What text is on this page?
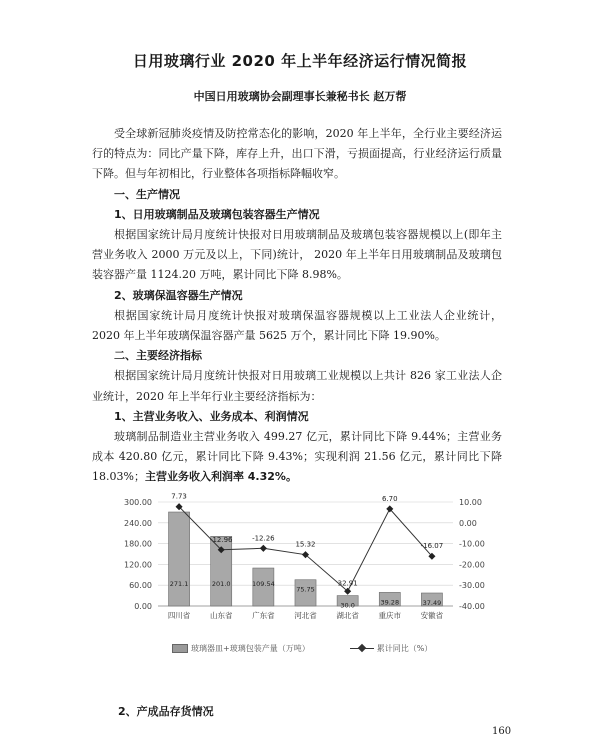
日用玻璃行业 2020 年上半年经济运行情况简报
中国日用玻璃协会副理事长兼秘书长 赵万帮

受全球新冠肺炎疫情及防控常态化的影响，2020 年上半年，全行业主要经济运行的特点为：同比产量下降，库存上升，出口下滑，亏损面提高，行业经济运行质量下降。但与年初相比，行业整体各项指标降幅收窄。

一、生产情况

1、日用玻璃制品及玻璃包装容器生产情况

根据国家统计局月度统计快报对日用玻璃制品及玻璃包装容器规模以上(即年主营业务收入 2000 万元及以上，下同)统计， 2020 年上半年日用玻璃制品及玻璃包装容器产量 1124.20 万吨，累计同比下降 8.98%。

2、玻璃保温容器生产情况

根据国家统计局月度统计快报对玻璃保温容器规模以上工业法人企业统计，2020 年上半年玻璃保温容器产量 5625 万个，累计同比下降 19.90%。

二、主要经济指标

根据国家统计局月度统计快报对日用玻璃工业规模以上共计 826 家工业法人企业统计，2020 年上半年行业主要经济指标为：

1、主营业务收入、业务成本、利润情况

玻璃制品制造业主营业务收入 499.27 亿元，累计同比下降 9.44%；主营业务成本 420.80 亿元，累计同比下降 9.43%；实现利润 21.56 亿元，累计同比下降 18.03%；主营业务收入利润率 4.32%。

0.00
60.00
120.00
180.00
240.00
300.00
-40.00
-30.00
-20.00
-10.00
0.00
10.00
271.1
四川省
201.0
山东省
109.54
广东省
75.75
河北省
30.0
湖北省
39.28
重庆市
37.49
安徽省
7.73
-12.96	-12.26
15.32
32.91
6.70
-16.07
玻璃器皿+玻璃包装产量（万吨）	累计同比（%）
2、产成品存货情况
160
